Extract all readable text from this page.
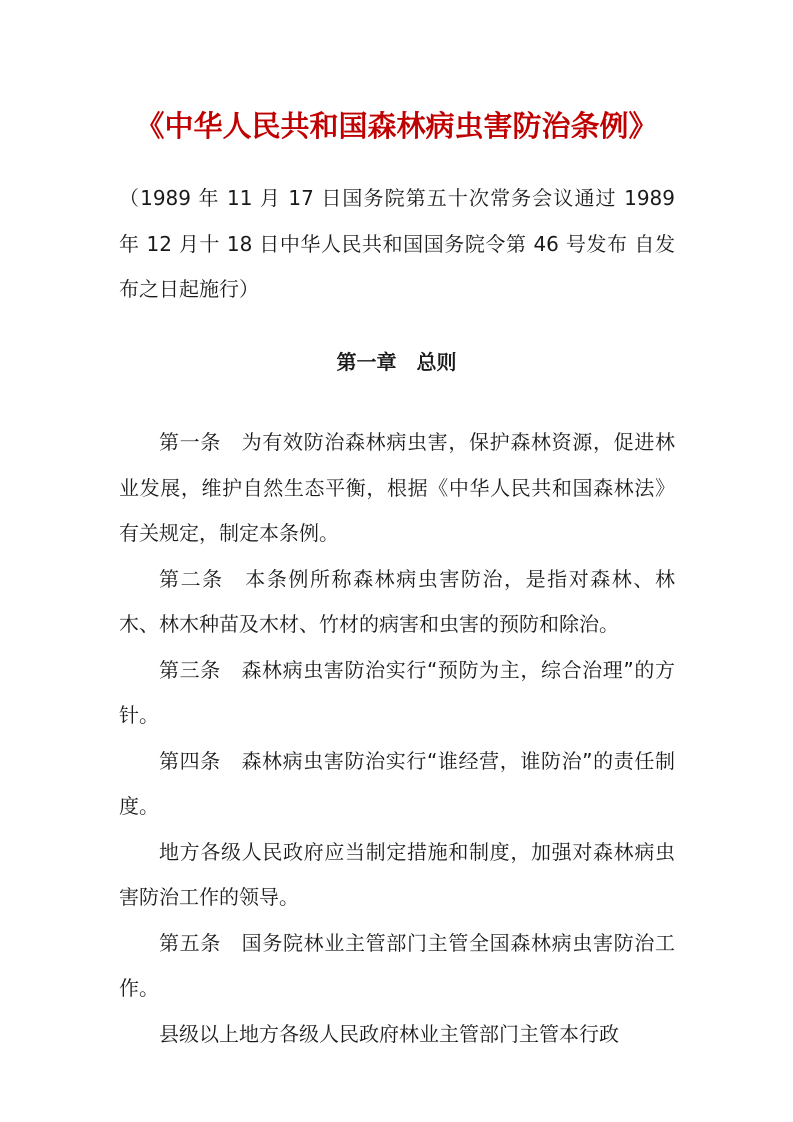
《中华人民共和国森林病虫害防治条例》

（1989 年 11 月 17 日国务院第五十次常务会议通过 1989 年 12 月十 18 日中华人民共和国国务院令第 46 号发布 自发布之日起施行）

第一章　总则

第一条　为有效防治森林病虫害，保护森林资源，促进林业发展，维护自然生态平衡，根据《中华人民共和国森林法》有关规定，制定本条例。

第二条　本条例所称森林病虫害防治，是指对森林、林木、林木种苗及木材、竹材的病害和虫害的预防和除治。

第三条　森林病虫害防治实行“预防为主，综合治理”的方针。

第四条　森林病虫害防治实行“谁经营，谁防治”的责任制度。

地方各级人民政府应当制定措施和制度，加强对森林病虫害防治工作的领导。

第五条　国务院林业主管部门主管全国森林病虫害防治工作。

县级以上地方各级人民政府林业主管部门主管本行政
